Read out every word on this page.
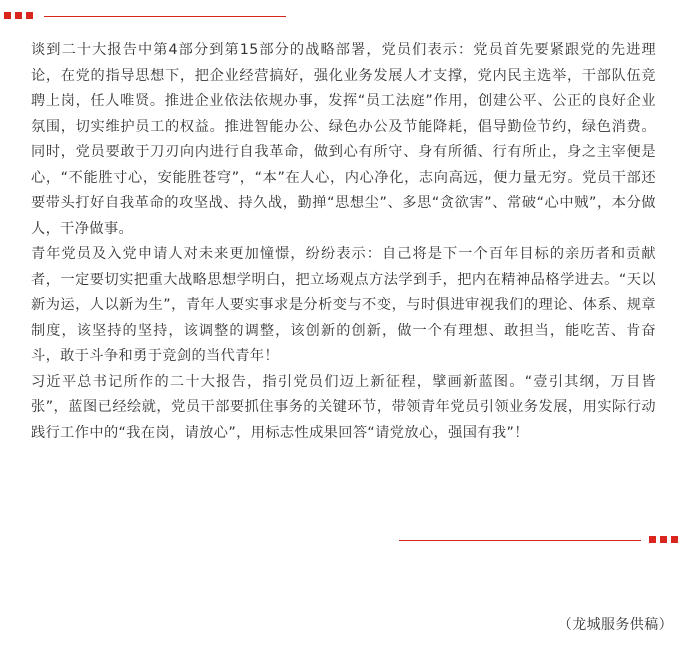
谈到二十大报告中第4部分到第15部分的战略部署，党员们表示：党员首先要紧跟党的先进理论，在党的指导思想下，把企业经营搞好，强化业务发展人才支撑，党内民主选举，干部队伍竞聘上岗，任人唯贤。推进企业依法依规办事，发挥“员工法庭”作用，创建公平、公正的良好企业氛围，切实维护员工的权益。推进智能办公、绿色办公及节能降耗，倡导勤俭节约，绿色消费。同时，党员要敢于刀刃向内进行自我革命，做到心有所守、身有所循、行有所止，身之主宰便是心，“不能胜寸心，安能胜苍穹”，“本”在人心，内心净化，志向高远，便力量无穷。党员干部还要带头打好自我革命的攻坚战、持久战，勤掸“思想尘”、多思“贪欲害”、常破“心中贼”，本分做人，干净做事。

青年党员及入党申请人对未来更加憧憬，纷纷表示：自己将是下一个百年目标的亲历者和贡献者，一定要切实把重大战略思想学明白，把立场观点方法学到手，把内在精神品格学进去。“天以新为运，人以新为生”，青年人要实事求是分析变与不变，与时俱进审视我们的理论、体系、规章制度，该坚持的坚持，该调整的调整，该创新的创新，做一个有理想、敢担当，能吃苦、肯奋斗，敢于斗争和勇于竞剑的当代青年！

习近平总书记所作的二十大报告，指引党员们迈上新征程，擘画新蓝图。“壹引其纲，万目皆张”，蓝图已经绘就，党员干部要抓住事务的关键环节，带领青年党员引领业务发展，用实际行动践行工作中的“我在岗，请放心”，用标志性成果回答“请党放心，强国有我”！

（龙城服务供稿）
